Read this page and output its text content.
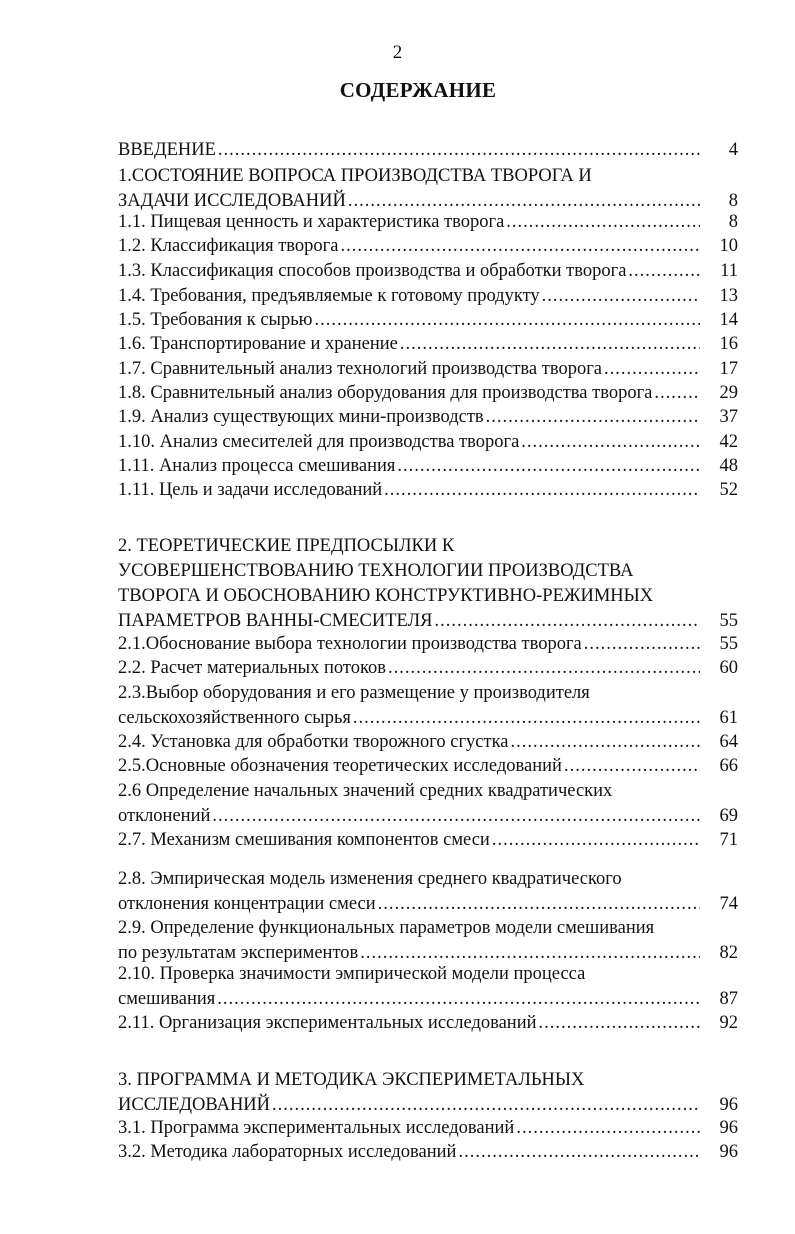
2
СОДЕРЖАНИЕ
ВВЕДЕНИЕ .....	4
1.СОСТОЯНИЕ ВОПРОСА ПРОИЗВОДСТВА ТВОРОГА И
ЗАДАЧИ ИССЛЕДОВАНИЙ .....	8
1.1. Пищевая ценность и характеристика творога .....	8
1.2. Классификация творога .....	10
1.3. Классификация способов производства и обработки творога .....	11
1.4. Требования, предъявляемые к готовому продукту .....	13
1.5. Требования к сырью .....	14
1.6. Транспортирование и хранение .....	16
1.7. Сравнительный анализ технологий производства творога .....	17
1.8. Сравнительный анализ оборудования для производства творога .....	29
1.9. Анализ существующих мини-производств .....	37
1.10. Анализ смесителей для производства творога .....	42
1.11. Анализ процесса смешивания .....	48
1.11. Цель и задачи исследований .....	52
2. ТЕОРЕТИЧЕСКИЕ ПРЕДПОСЫЛКИ К
УСОВЕРШЕНСТВОВАНИЮ ТЕХНОЛОГИИ ПРОИЗВОДСТВА
ТВОРОГА И ОБОСНОВАНИЮ КОНСТРУКТИВНО-РЕЖИМНЫХ
ПАРАМЕТРОВ ВАННЫ-СМЕСИТЕЛЯ .....	55
2.1.Обоснование выбора технологии производства творога .....	55
2.2. Расчет материальных потоков .....	60
2.3.Выбор оборудования и его размещение у производителя
сельскохозяйственного сырья .....	61
2.4. Установка для обработки творожного сгустка .....	64
2.5.Основные обозначения теоретических исследований .....	66
2.6 Определение начальных значений средних квадратических
отклонений .....	69
2.7. Механизм смешивания компонентов смеси .....	71
2.8. Эмпирическая модель изменения среднего квадратического
отклонения концентрации смеси .....	74
2.9. Определение функциональных параметров модели смешивания
по результатам экспериментов .....	82
2.10. Проверка значимости эмпирической модели процесса
смешивания .....	87
2.11. Организация экспериментальных исследований .....	92
3. ПРОГРАММА И МЕТОДИКА ЭКСПЕРИМЕТАЛЬНЫХ
ИССЛЕДОВАНИЙ .....	96
3.1. Программа экспериментальных исследований .....	96
3.2. Методика лабораторных исследований .....	96
